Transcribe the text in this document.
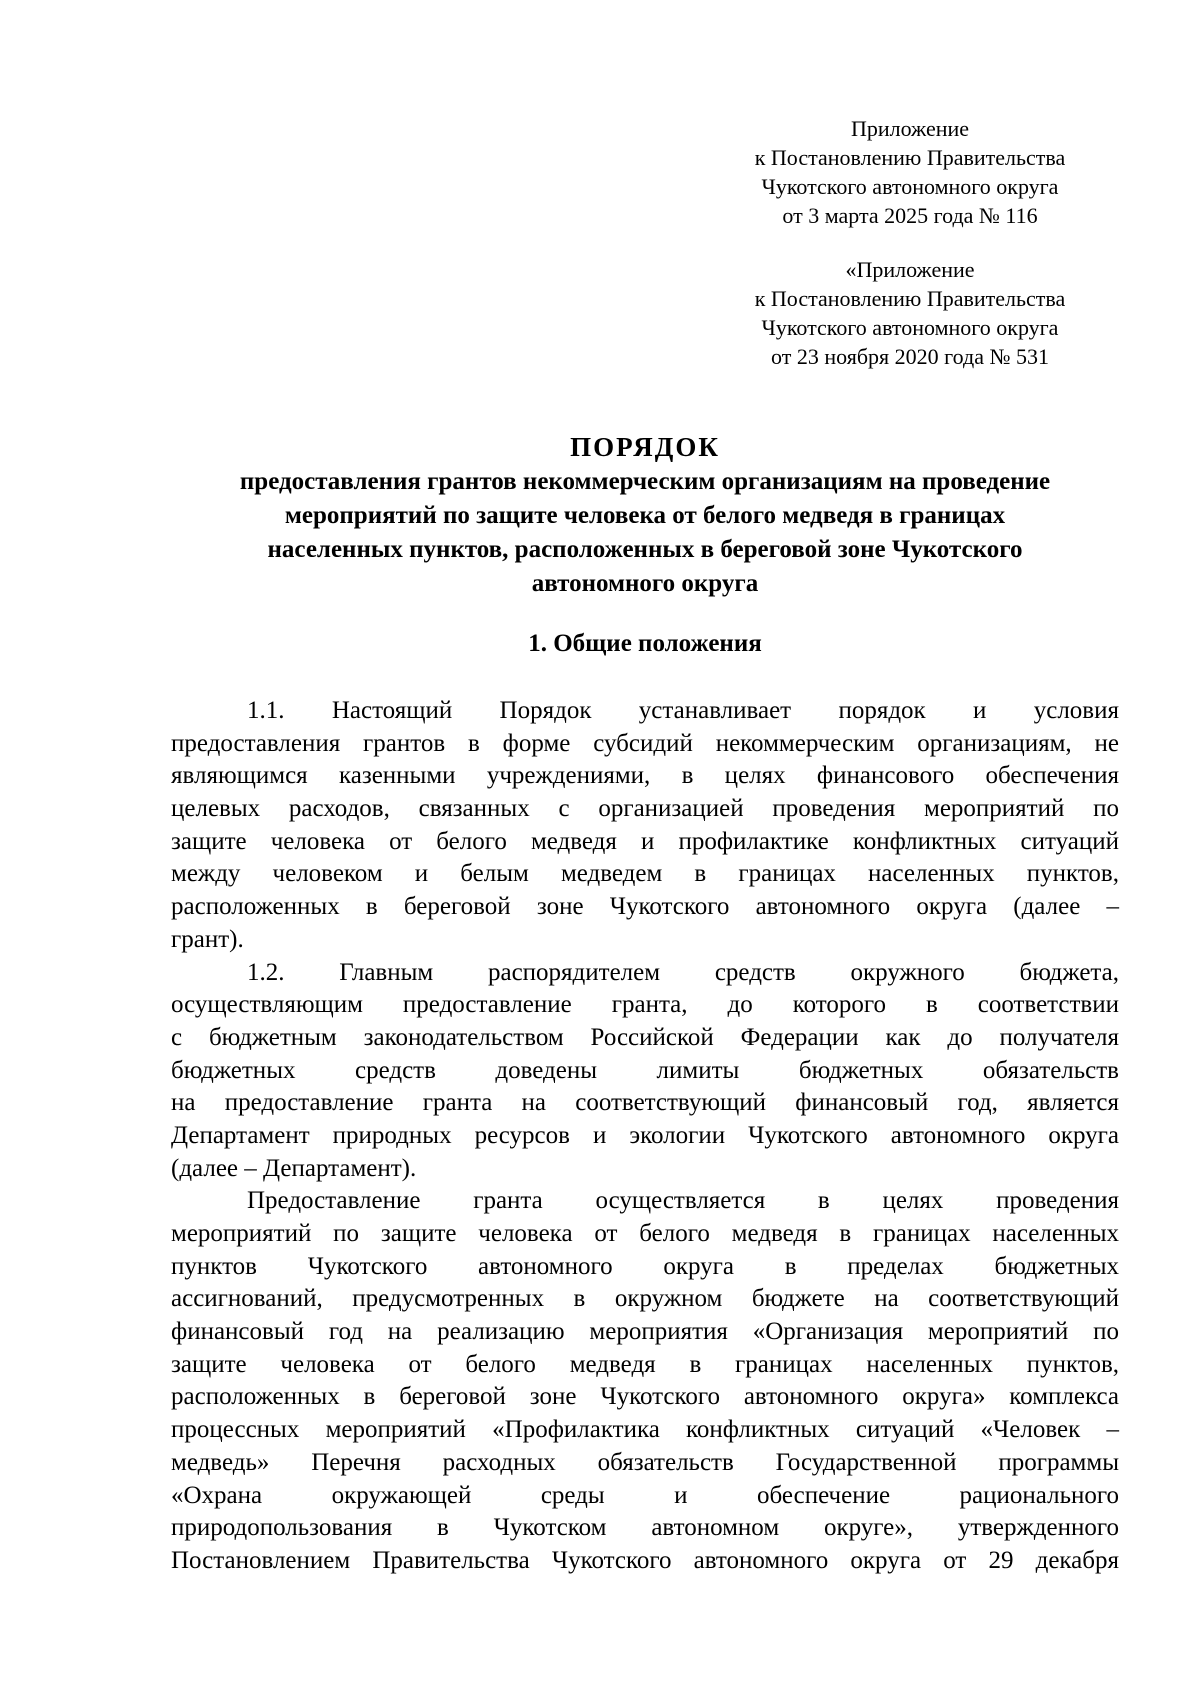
Приложение
к Постановлению Правительства
Чукотского автономного округа
от 3 марта 2025 года № 116
«Приложение
к Постановлению Правительства
Чукотского автономного округа
от 23 ноября 2020 года № 531
ПОРЯДОК
предоставления грантов некоммерческим организациям на проведение
мероприятий по защите человека от белого медведя в границах
населенных пунктов, расположенных в береговой зоне Чукотского
автономного округа
1. Общие положения
1.1. Настоящий Порядок устанавливает порядок и условия
предоставления грантов в форме субсидий некоммерческим организациям, не
являющимся казенными учреждениями, в целях финансового обеспечения
целевых расходов, связанных с организацией проведения мероприятий по
защите человека от белого медведя и профилактике конфликтных ситуаций
между человеком и белым медведем в границах населенных пунктов,
расположенных в береговой зоне Чукотского автономного округа (далее –
грант).
1.2. Главным распорядителем средств окружного бюджета,
осуществляющим предоставление гранта, до которого в соответствии
с бюджетным законодательством Российской Федерации как до получателя
бюджетных средств доведены лимиты бюджетных обязательств
на предоставление гранта на соответствующий финансовый год, является
Департамент природных ресурсов и экологии Чукотского автономного округа
(далее – Департамент).
Предоставление гранта осуществляется в целях проведения
мероприятий по защите человека от белого медведя в границах населенных
пунктов Чукотского автономного округа в пределах бюджетных
ассигнований, предусмотренных в окружном бюджете на соответствующий
финансовый год на реализацию мероприятия «Организация мероприятий по
защите человека от белого медведя в границах населенных пунктов,
расположенных в береговой зоне Чукотского автономного округа» комплекса
процессных мероприятий «Профилактика конфликтных ситуаций «Человек –
медведь» Перечня расходных обязательств Государственной программы
«Охрана окружающей среды и обеспечение рационального
природопользования в Чукотском автономном округе», утвержденного
Постановлением Правительства Чукотского автономного округа от 29 декабря
